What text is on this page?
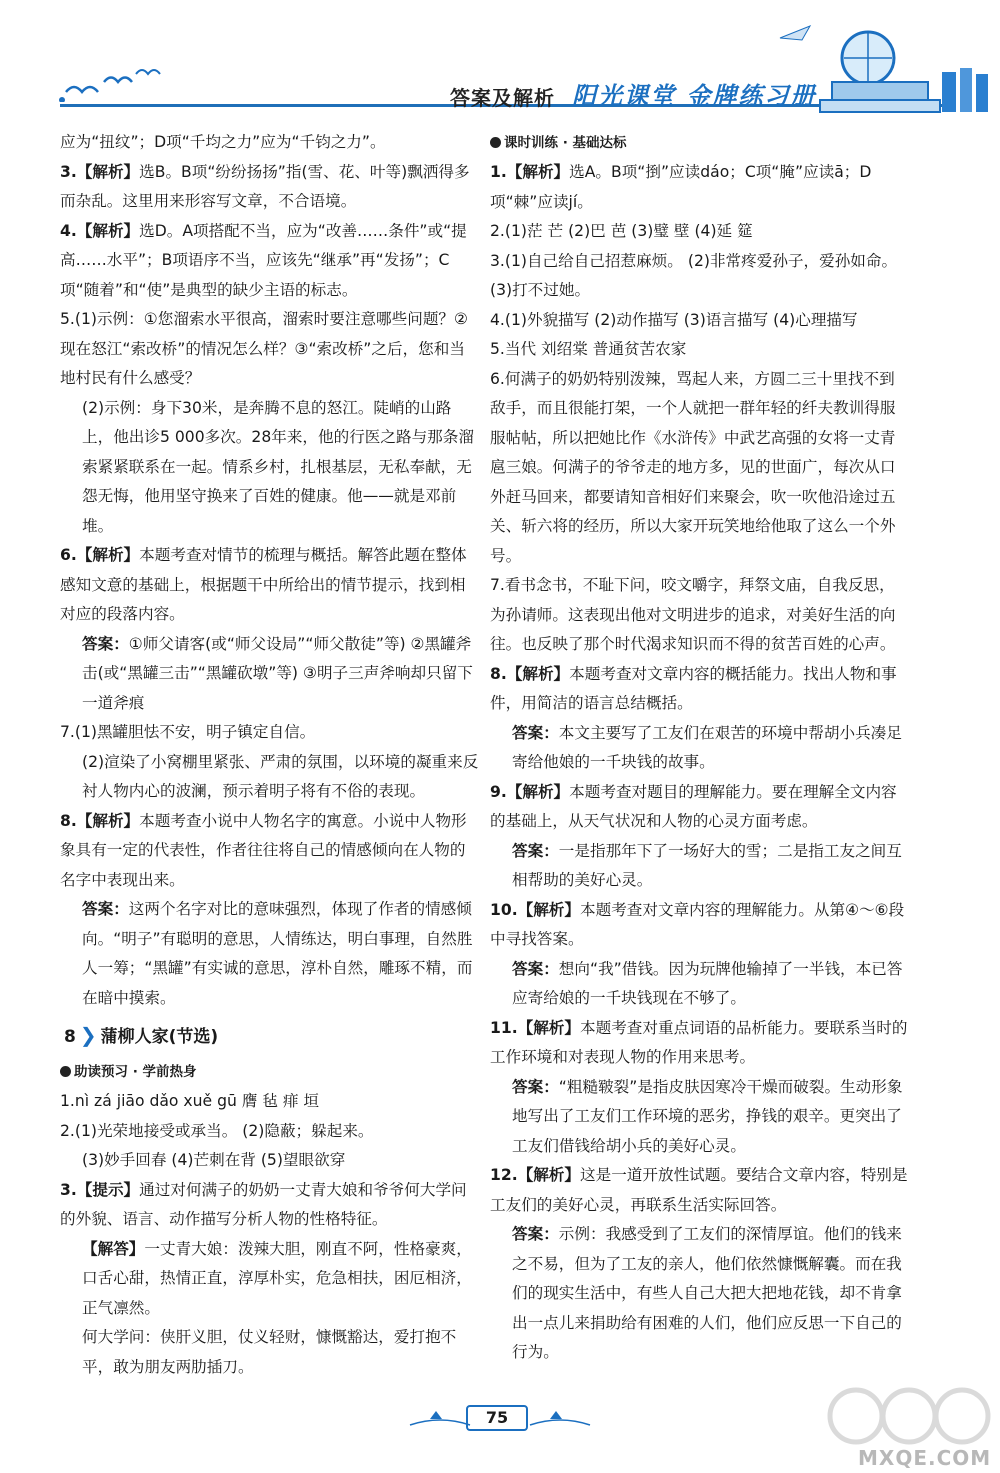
答案及解析 阳光课堂 金牌练习册
应为“扭纹”；D项“千均之力”应为“千钧之力”。
3.【解析】选B。B项“纷纷扬扬”指(雪、花、叶等)飘洒得多而杂乱。这里用来形容写文章，不合语境。
4.【解析】选D。A项搭配不当，应为“改善……条件”或“提高……水平”；B项语序不当，应该先“继承”再“发扬”；C项“随着”和“使”是典型的缺少主语的标志。
5.(1)示例：①您溜索水平很高，溜索时要注意哪些问题？②现在怒江“索改桥”的情况怎么样？③“索改桥”之后，您和当地村民有什么感受？
(2)示例：身下30米，是奔腾不息的怒江。陡峭的山路上，他出诊5 000多次。28年来，他的行医之路与那条溜索紧紧联系在一起。情系乡村，扎根基层，无私奉献，无怨无悔，他用坚守换来了百姓的健康。他——就是邓前堆。
6.【解析】本题考查对情节的梳理与概括。解答此题在整体感知文意的基础上，根据题干中所给出的情节提示，找到相对应的段落内容。
答案：①师父请客(或“师父设局”“师父散徒”等) ②黑罐斧击(或“黑罐三击”“黑罐砍墩”等) ③明子三声斧响却只留下一道斧痕
7.(1)黑罐胆怯不安，明子镇定自信。
(2)渲染了小窝棚里紧张、严肃的氛围，以环境的凝重来反衬人物内心的波澜，预示着明子将有不俗的表现。
8.【解析】本题考查小说中人物名字的寓意。小说中人物形象具有一定的代表性，作者往往将自己的情感倾向在人物的名字中表现出来。
答案：这两个名字对比的意味强烈，体现了作者的情感倾向。“明子”有聪明的意思，人情练达，明白事理，自然胜人一筹；“黑罐”有实诚的意思，淳朴自然，雕琢不精，而在暗中摸索。
8 ❯ 蒲柳人家(节选)
助读预习 · 学前热身
1.nì zá jiāo dǎo xuě gū 膺 毡 痱 垣
2.(1)光荣地接受或承当。 (2)隐蔽；躲起来。
(3)妙手回春 (4)芒刺在背 (5)望眼欲穿
3.【提示】通过对何满子的奶奶一丈青大娘和爷爷何大学问的外貌、语言、动作描写分析人物的性格特征。
【解答】一丈青大娘：泼辣大胆，刚直不阿，性格豪爽，口舌心甜，热情正直，淳厚朴实，危急相扶，困厄相济，正气凛然。
何大学问：侠肝义胆，仗义轻财，慷慨豁达，爱打抱不平，敢为朋友两肋插刀。
课时训练 · 基础达标
1.【解析】选A。B项“捯”应读dáo；C项“腌”应读ā；D项“棘”应读jí。
2.(1)茫 芒 (2)巴 芭 (3)璧 壁 (4)延 筵
3.(1)自己给自己招惹麻烦。 (2)非常疼爱孙子，爱孙如命。(3)打不过她。
4.(1)外貌描写 (2)动作描写 (3)语言描写 (4)心理描写
5.当代 刘绍棠 普通贫苦农家
6.何满子的奶奶特别泼辣，骂起人来，方圆二三十里找不到敌手，而且很能打架，一个人就把一群年轻的纤夫教训得服服帖帖，所以把她比作《水浒传》中武艺高强的女将一丈青扈三娘。何满子的爷爷走的地方多，见的世面广，每次从口外赶马回来，都要请知音相好们来聚会，吹一吹他沿途过五关、斩六将的经历，所以大家开玩笑地给他取了这么一个外号。
7.看书念书，不耻下问，咬文嚼字，拜祭文庙，自我反思，为孙请师。这表现出他对文明进步的追求，对美好生活的向往。也反映了那个时代渴求知识而不得的贫苦百姓的心声。
8.【解析】本题考查对文章内容的概括能力。找出人物和事件，用简洁的语言总结概括。
答案：本文主要写了工友们在艰苦的环境中帮胡小兵凑足寄给他娘的一千块钱的故事。
9.【解析】本题考查对题目的理解能力。要在理解全文内容的基础上，从天气状况和人物的心灵方面考虑。
答案：一是指那年下了一场好大的雪；二是指工友之间互相帮助的美好心灵。
10.【解析】本题考查对文章内容的理解能力。从第④～⑥段中寻找答案。
答案：想向“我”借钱。因为玩牌他输掉了一半钱，本已答应寄给娘的一千块钱现在不够了。
11.【解析】本题考查对重点词语的品析能力。要联系当时的工作环境和对表现人物的作用来思考。
答案：“粗糙皲裂”是指皮肤因寒冷干燥而破裂。生动形象地写出了工友们工作环境的恶劣，挣钱的艰辛。更突出了工友们借钱给胡小兵的美好心灵。
12.【解析】这是一道开放性试题。要结合文章内容，特别是工友们的美好心灵，再联系生活实际回答。
答案：示例：我感受到了工友们的深情厚谊。他们的钱来之不易，但为了工友的亲人，他们依然慷慨解囊。而在我们的现实生活中，有些人自己大把大把地花钱，却不肯拿出一点儿来捐助给有困难的人们，他们应反思一下自己的行为。
75
MXQE.COM
